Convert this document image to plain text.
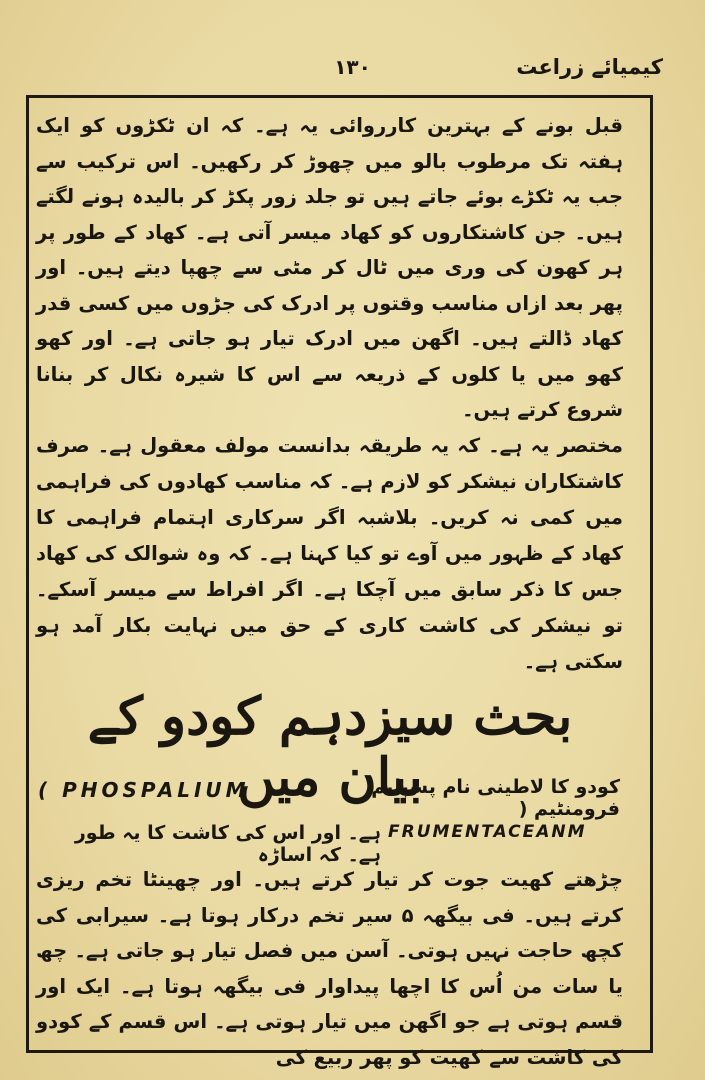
کیمیائے زراعت
۱۳۰
قبل بونے کے بہترین کارروائی یہ ہے۔ کہ ان ٹکڑوں کو ایک ہفتہ تک مرطوب بالو میں چھوڑ کر رکھیں۔ اس ترکیب سے جب یہ ٹکڑے بوئے جاتے ہیں تو جلد زور پکڑ کر بالیدہ ہونے لگتے ہیں۔ جن کاشتکاروں کو کھاد میسر آتی ہے۔ کھاد کے طور پر ہر کھون کی وری میں ٹال کر مٹی سے چھپا دیتے ہیں۔ اور پھر بعد ازاں مناسب وقتوں پر ادرک کی جڑوں میں کسی قدر کھاد ڈالتے ہیں۔ اگھن میں ادرک تیار ہو جاتی ہے۔ اور کھو کھو میں یا کلوں کے ذریعہ سے اس کا شیرہ نکال کر بنانا شروع کرتے ہیں۔
مختصر یہ ہے۔ کہ یہ طریقہ بدانست مولف معقول ہے۔ صرف کاشتکاران نیشکر کو لازم ہے۔ کہ مناسب کھادوں کی فراہمی میں کمی نہ کریں۔ بلاشبہ اگر سرکاری اہتمام فراہمی کا کھاد کے ظہور میں آوے تو کیا کہنا ہے۔ کہ وہ شوالک کی کھاد جس کا ذکر سابق میں آچکا ہے۔ اگر افراط سے میسر آسکے۔ تو نیشکر کی کاشت کاری کے حق میں نہایت بکار آمد ہو سکتی ہے۔
بحث سیزدہم کودو کے بیان میں
( PHOSPALIUM	کودو کا لاطینی نام پسپلیم فرومنٹیم (
FRUMENTACEANM
ہے۔ اور اس کی کاشت کا یہ طور ہے۔ کہ اساڑہ
چڑھتے کھیت جوت کر تیار کرتے ہیں۔ اور چھینٹا تخم ریزی کرتے ہیں۔ فی بیگھہ ۵ سیر تخم درکار ہوتا ہے۔ سیرابی کی کچھ حاجت نہیں ہوتی۔ آسن میں فصل تیار ہو جاتی ہے۔ چھ یا سات من اُس کا اچھا پیداوار فی بیگھہ ہوتا ہے۔ ایک اور قسم ہوتی ہے جو اگھن میں تیار ہوتی ہے۔ اس قسم کے کودو کی کاشت سے کھیت کو پھر ربیع کی
